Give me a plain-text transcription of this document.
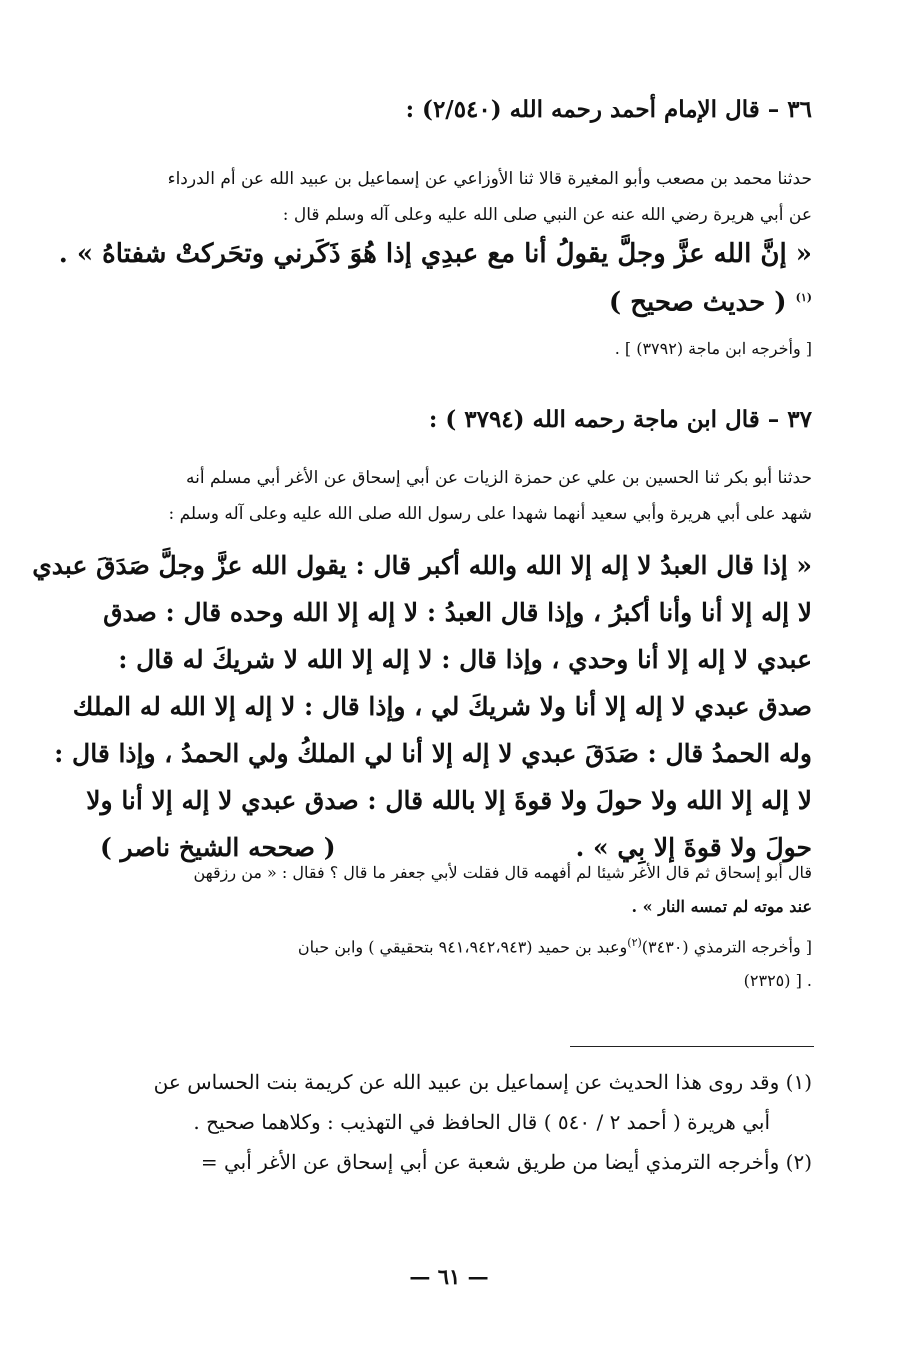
٣٦ – قال الإمام أحمد رحمه الله (٢/٥٤٠) :
حدثنا محمد بن مصعب وأبو المغيرة قالا ثنا الأوزاعي عن إسماعيل بن عبيد الله عن أم الدرداء
عن أبي هريرة رضي الله عنه عن النبي صلى الله عليه وعلى آله وسلم قال :
« إنَّ الله عزَّ وجلَّ يقولُ أنا مع عبدِي إذا هُوَ ذَكَرني وتحَركتْ شفتاهُ » .
$^{(١)}$ ( حديث صحيح )
[ وأخرجه ابن ماجة (٣٧٩٢) ] .
٣٧ – قال ابن ماجة رحمه الله (٣٧٩٤ ) :
حدثنا أبو بكر ثنا الحسين بن علي عن حمزة الزيات عن أبي إسحاق عن الأغر أبي مسلم أنه
شهد على أبي هريرة وأبي سعيد أنهما شهدا على رسول الله صلى الله عليه وعلى آله وسلم :
« إذا قال العبدُ لا إله إلا الله والله أكبر قال : يقول الله عزَّ وجلَّ صَدَقَ عبدي
لا إله إلا أنا وأنا أكبرُ ، وإذا قال العبدُ : لا إله إلا الله وحده قال : صدق
عبدي لا إله إلا أنا وحدي ، وإذا قال : لا إله إلا الله لا شريكَ له قال :
صدق عبدي لا إله إلا أنا ولا شريكَ لي ، وإذا قال : لا إله إلا الله له الملك
وله الحمدُ قال : صَدَقَ عبدي لا إله إلا أنا لي الملكُ ولي الحمدُ ، وإذا قال :
لا إله إلا الله ولا حولَ ولا قوةَ إلا بالله قال : صدق عبدي لا إله إلا أنا ولا
حولَ ولا قوةَ إلا بِي » .
( صححه الشيخ ناصر )
قال أبو إسحاق ثم قال الأغر شيئا لم أفهمه قال فقلت لأبي جعفر ما قال ؟ فقال : « من رزقهن
عند موته لم تمسه النار » .
[ وأخرجه الترمذي (٣٤٣٠)$^{(٢)}$وعبد بن حميد (٩٤١،٩٤٢،٩٤٣ بتحقيقي ) وابن حبان
. [ (٢٣٢٥)
(١) وقد روى هذا الحديث عن إسماعيل بن عبيد الله عن كريمة بنت الحساس عن
أبي هريرة ( أحمد ٢ / ٥٤٠ ) قال الحافظ في التهذيب : وكلاهما صحيح .
(٢) وأخرجه الترمذي أيضا من طريق شعبة عن أبي إسحاق عن الأغر أبي =
— ٦١ —
